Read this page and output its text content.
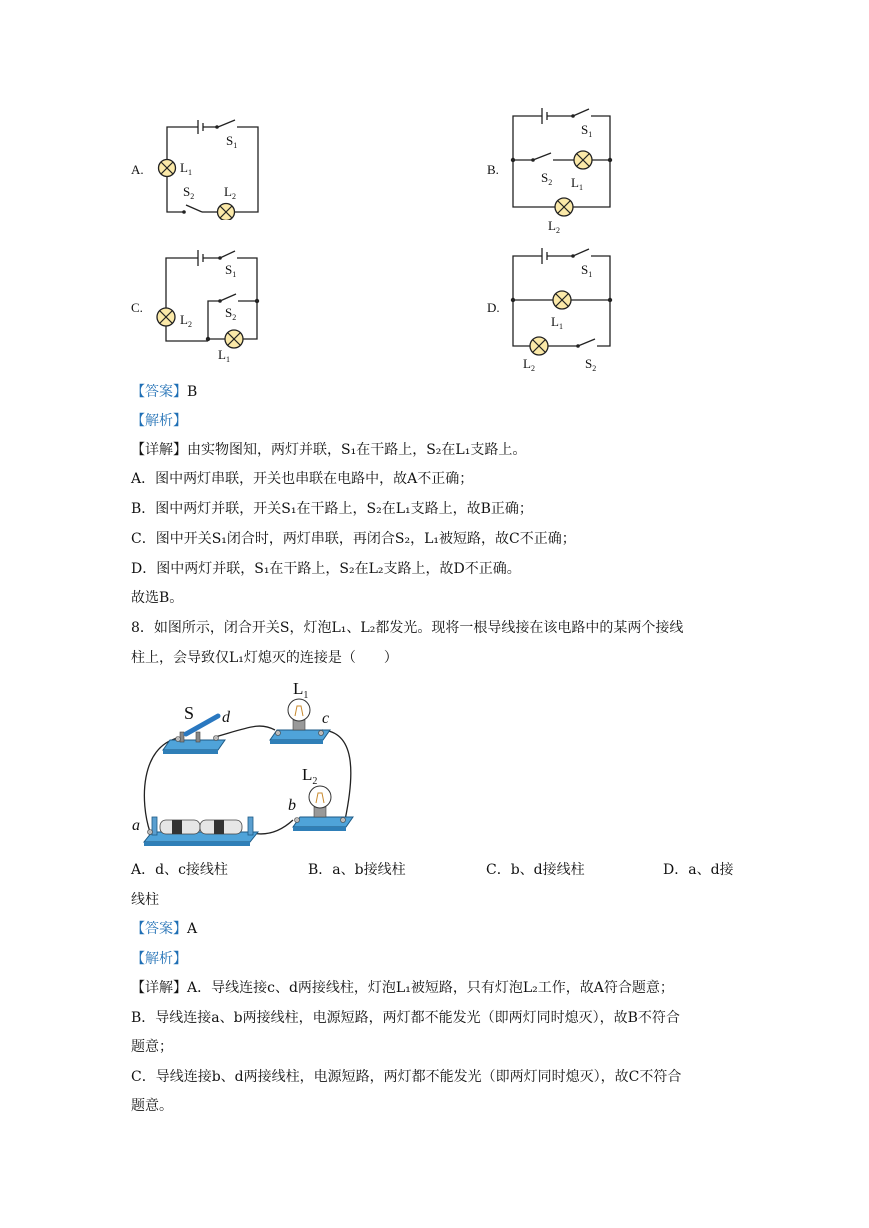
A.
$S_1$
$L_1$
$S_2$ $L_2$
B.
$S_1$
$S_2$ $L_1$
$L_2$
C.
$S_1$
$S_2$
$L_2$
$L_1$
D.
$S_1$
$L_1$
$L_2$	$S_2$
【答案】B
【解析】
【详解】由实物图知，两灯并联，S₁在干路上，S₂在L₁支路上。
A．图中两灯串联，开关也串联在电路中，故A不正确；
B．图中两灯并联，开关S₁在干路上，S₂在L₁支路上，故B正确；
C．图中开关S₁闭合时，两灯串联，再闭合S₂，L₁被短路，故C不正确；
D．图中两灯并联，S₁在干路上，S₂在L₂支路上，故D不正确。
故选B。
8．如图所示，闭合开关S，灯泡L₁、L₂都发光。现将一根导线接在该电路中的某两个接线
柱上，会导致仅L₁灯熄灭的连接是（　　）
S d
$L_1$
c
$L_2$
b
a
A．d、c接线柱	B．a、b接线柱	C．b、d接线柱	D．a、d接
线柱
【答案】A
【解析】
【详解】A．导线连接c、d两接线柱，灯泡L₁被短路，只有灯泡L₂工作，故A符合题意；
B．导线连接a、b两接线柱，电源短路，两灯都不能发光（即两灯同时熄灭），故B不符合
题意；
C．导线连接b、d两接线柱，电源短路，两灯都不能发光（即两灯同时熄灭），故C不符合
题意。
